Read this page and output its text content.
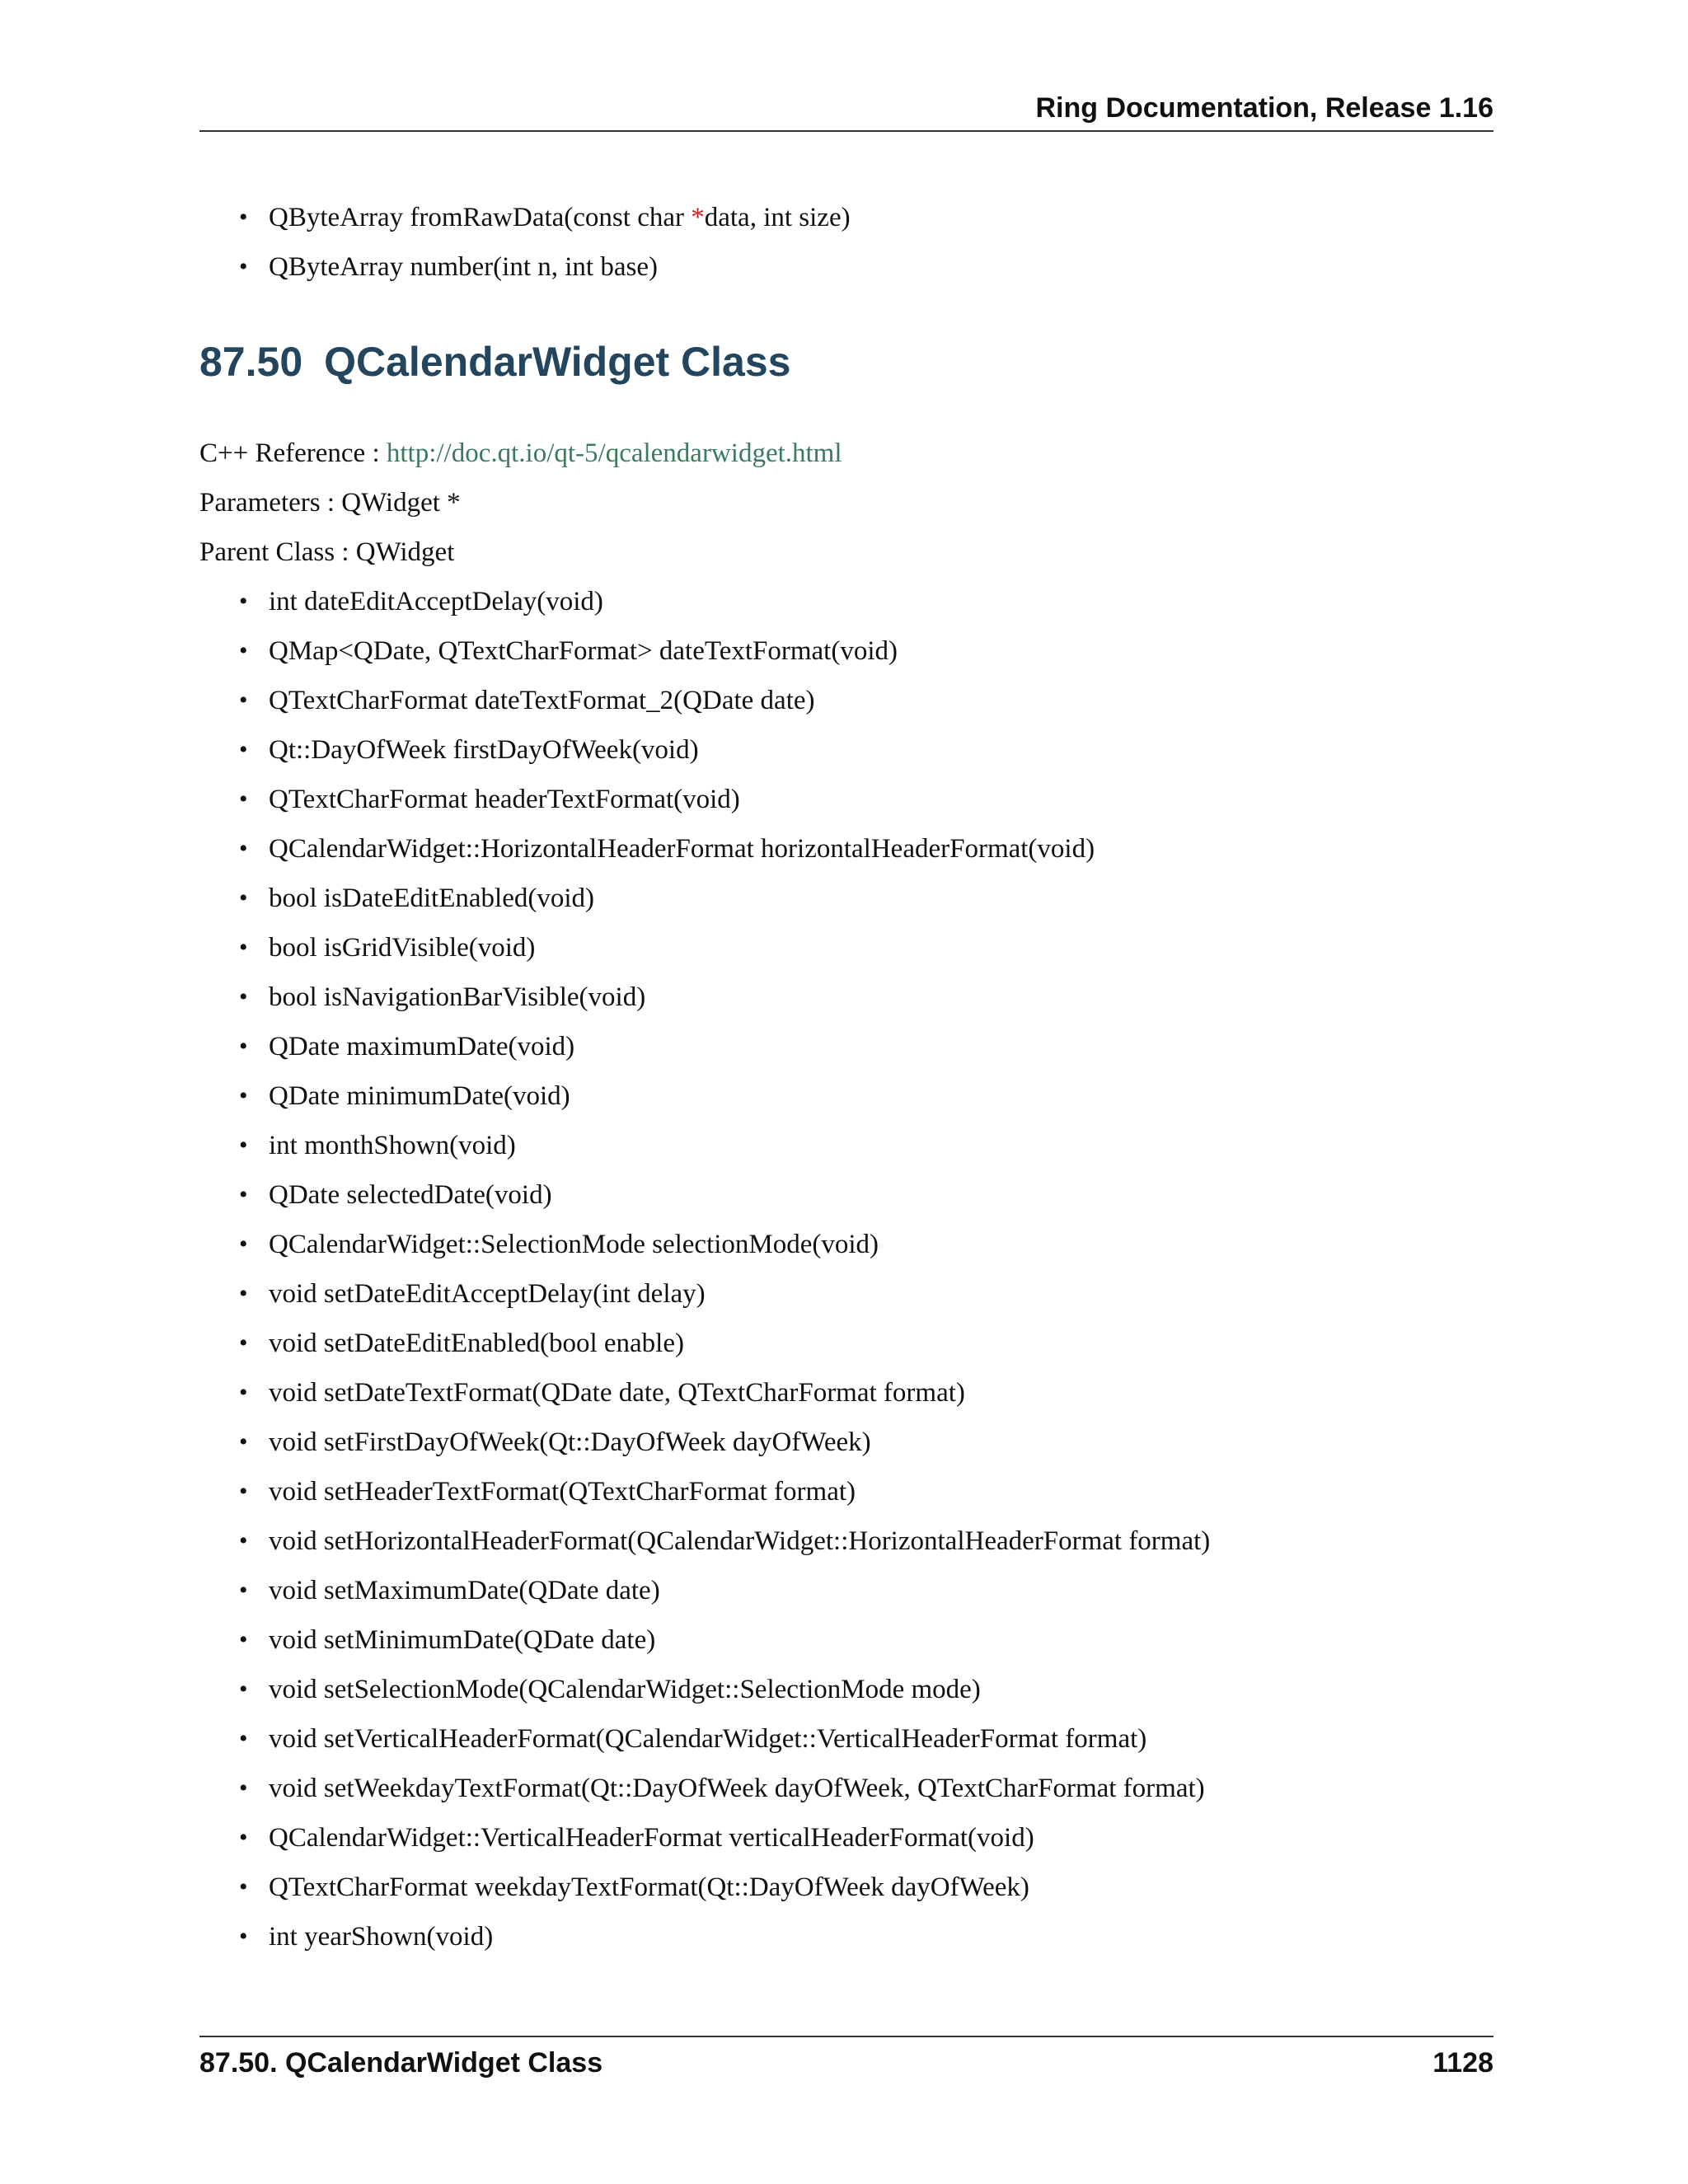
Ring Documentation, Release 1.16
• QByteArray fromRawData(const char *data, int size)
• QByteArray number(int n, int base)
87.50 QCalendarWidget Class
C++ Reference : http://doc.qt.io/qt-5/qcalendarwidget.html
Parameters : QWidget *
Parent Class : QWidget
• int dateEditAcceptDelay(void)
• QMap<QDate, QTextCharFormat> dateTextFormat(void)
• QTextCharFormat dateTextFormat_2(QDate date)
• Qt::DayOfWeek firstDayOfWeek(void)
• QTextCharFormat headerTextFormat(void)
• QCalendarWidget::HorizontalHeaderFormat horizontalHeaderFormat(void)
• bool isDateEditEnabled(void)
• bool isGridVisible(void)
• bool isNavigationBarVisible(void)
• QDate maximumDate(void)
• QDate minimumDate(void)
• int monthShown(void)
• QDate selectedDate(void)
• QCalendarWidget::SelectionMode selectionMode(void)
• void setDateEditAcceptDelay(int delay)
• void setDateEditEnabled(bool enable)
• void setDateTextFormat(QDate date, QTextCharFormat format)
• void setFirstDayOfWeek(Qt::DayOfWeek dayOfWeek)
• void setHeaderTextFormat(QTextCharFormat format)
• void setHorizontalHeaderFormat(QCalendarWidget::HorizontalHeaderFormat format)
• void setMaximumDate(QDate date)
• void setMinimumDate(QDate date)
• void setSelectionMode(QCalendarWidget::SelectionMode mode)
• void setVerticalHeaderFormat(QCalendarWidget::VerticalHeaderFormat format)
• void setWeekdayTextFormat(Qt::DayOfWeek dayOfWeek, QTextCharFormat format)
• QCalendarWidget::VerticalHeaderFormat verticalHeaderFormat(void)
• QTextCharFormat weekdayTextFormat(Qt::DayOfWeek dayOfWeek)
• int yearShown(void)
87.50. QCalendarWidget Class	1128
